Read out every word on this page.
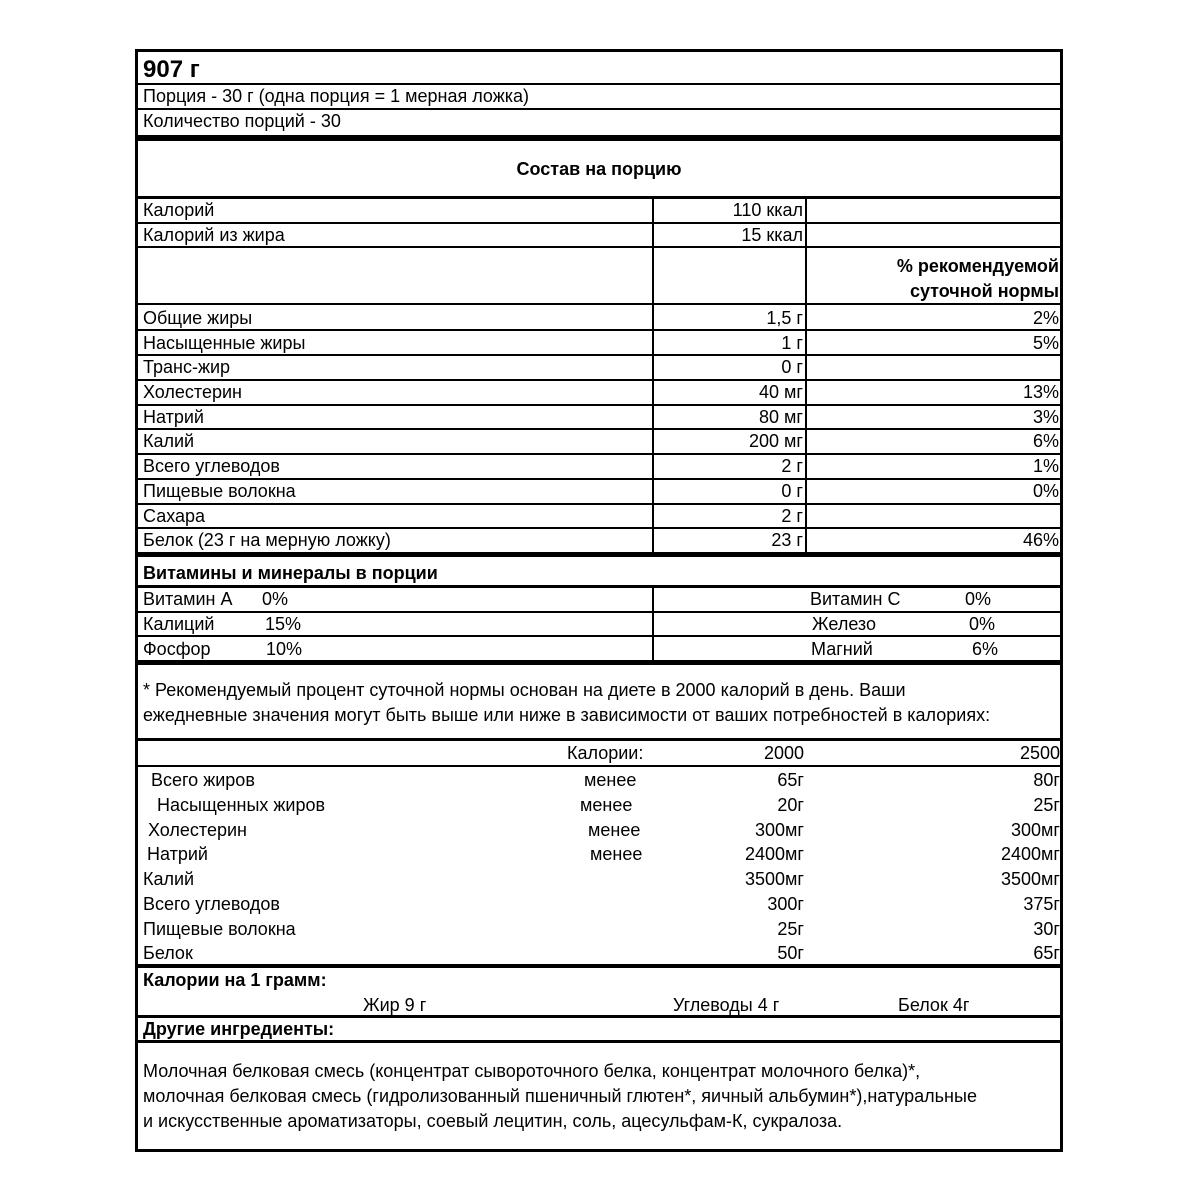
907 г
Порция - 30 г (одна порция = 1 мерная ложка)
Количество порций - 30
Состав на порцию
Калорий	110 ккал
Калорий из жира	15 ккал
% рекомендуемой
суточной нормы
Общие жиры	1,5 г	2%
Насыщенные жиры	1 г	5%
Транс-жир	0 г
Холестерин	40 мг	13%
Натрий	80 мг	3%
Калий	200 мг	6%
Всего углеводов	2 г	1%
Пищевые волокна	0 г	0%
Сахара	2 г
Белок (23 г на мерную ложку)	23 г	46%
Витамины и минералы в порции
Витамин А 0%	Витамин С	0%
Калиций	15%	Железо	0%
Фосфор	10%	Магний	6%
* Рекомендуемый процент суточной нормы основан на диете в 2000 калорий в день. Ваши
ежедневные значения могут быть выше или ниже в зависимости от ваших потребностей в калориях:
Калории:	2000	2500
Всего жиров	менее	65г	80г
Насыщенных жиров	менее	20г	25г
Холестерин	менее	300мг	300мг
Натрий	менее	2400мг	2400мг
Калий	3500мг	3500мг
Всего углеводов	300г	375г
Пищевые волокна	25г	30г
Белок	50г	65г
Калории на 1 грамм:
Жир 9 г	Углеводы 4 г	Белок 4г
Другие ингредиенты:
Молочная белковая смесь (концентрат сывороточного белка, концентрат молочного белка)*,
молочная белковая смесь (гидролизованный пшеничный глютен*, яичный альбумин*),натуральные
и искусственные ароматизаторы, соевый лецитин, соль, ацесульфам-К, сукралоза.
